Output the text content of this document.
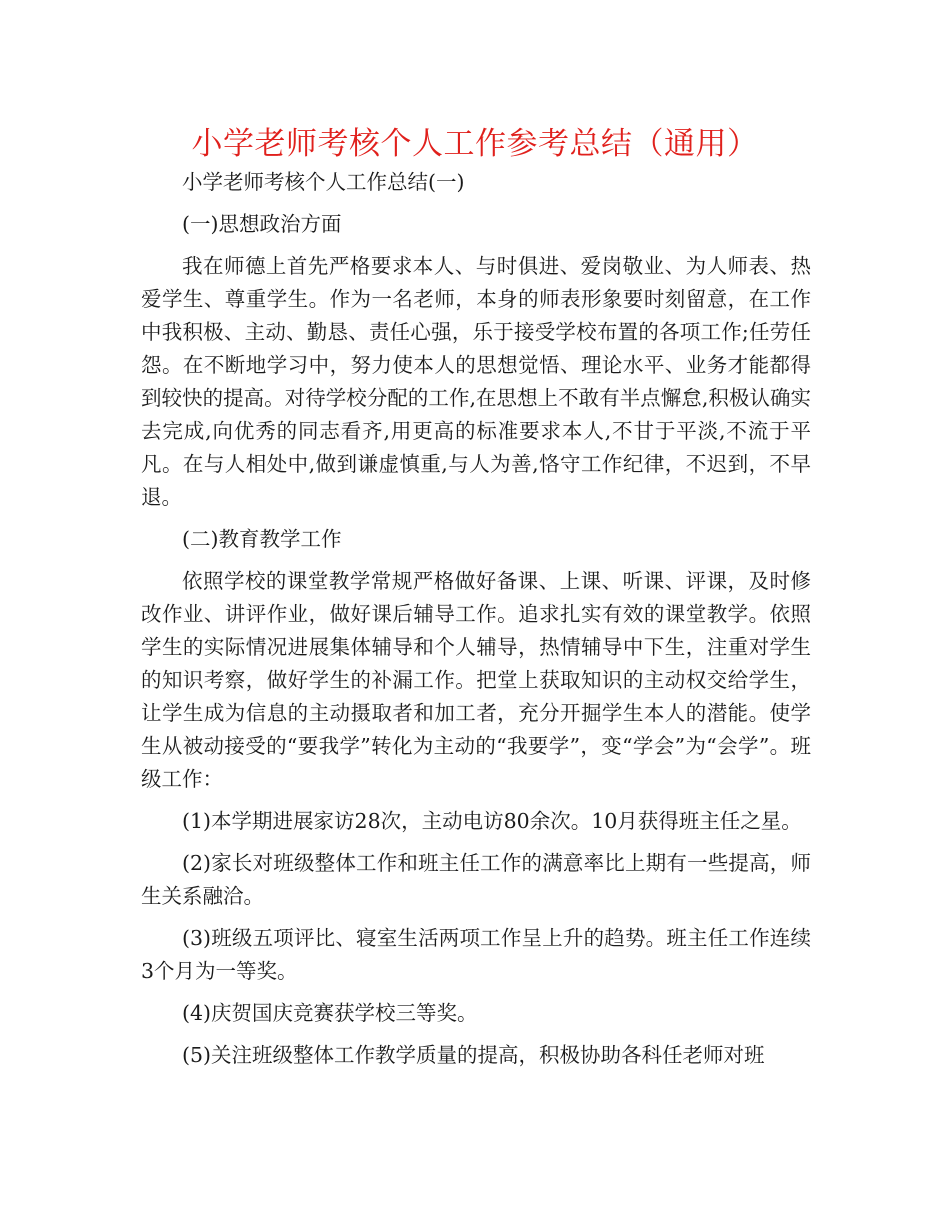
小学老师考核个人工作参考总结（通用）

小学老师考核个人工作总结(一)

(一)思想政治方面

我在师德上首先严格要求本人、与时俱进、爱岗敬业、为人师表、热爱学生、尊重学生。作为一名老师，本身的师表形象要时刻留意，在工作中我积极、主动、勤恳、责任心强，乐于接受学校布置的各项工作;任劳任怨。在不断地学习中，努力使本人的思想觉悟、理论水平、业务才能都得到较快的提高。对待学校分配的工作,在思想上不敢有半点懈怠,积极认确实去完成,向优秀的同志看齐,用更高的标准要求本人,不甘于平淡,不流于平凡。在与人相处中,做到谦虚慎重,与人为善,恪守工作纪律，不迟到，不早退。

(二)教育教学工作

依照学校的课堂教学常规严格做好备课、上课、听课、评课，及时修改作业、讲评作业，做好课后辅导工作。追求扎实有效的课堂教学。依照学生的实际情况进展集体辅导和个人辅导，热情辅导中下生，注重对学生的知识考察，做好学生的补漏工作。把堂上获取知识的主动权交给学生，让学生成为信息的主动摄取者和加工者，充分开掘学生本人的潜能。使学生从被动接受的“要我学”转化为主动的“我要学”，变“学会”为“会学”。班级工作：

(1)本学期进展家访28次，主动电访80余次。10月获得班主任之星。

(2)家长对班级整体工作和班主任工作的满意率比上期有一些提高，师生关系融洽。

(3)班级五项评比、寝室生活两项工作呈上升的趋势。班主任工作连续3个月为一等奖。

(4)庆贺国庆竞赛获学校三等奖。

(5)关注班级整体工作教学质量的提高，积极协助各科任老师对班
